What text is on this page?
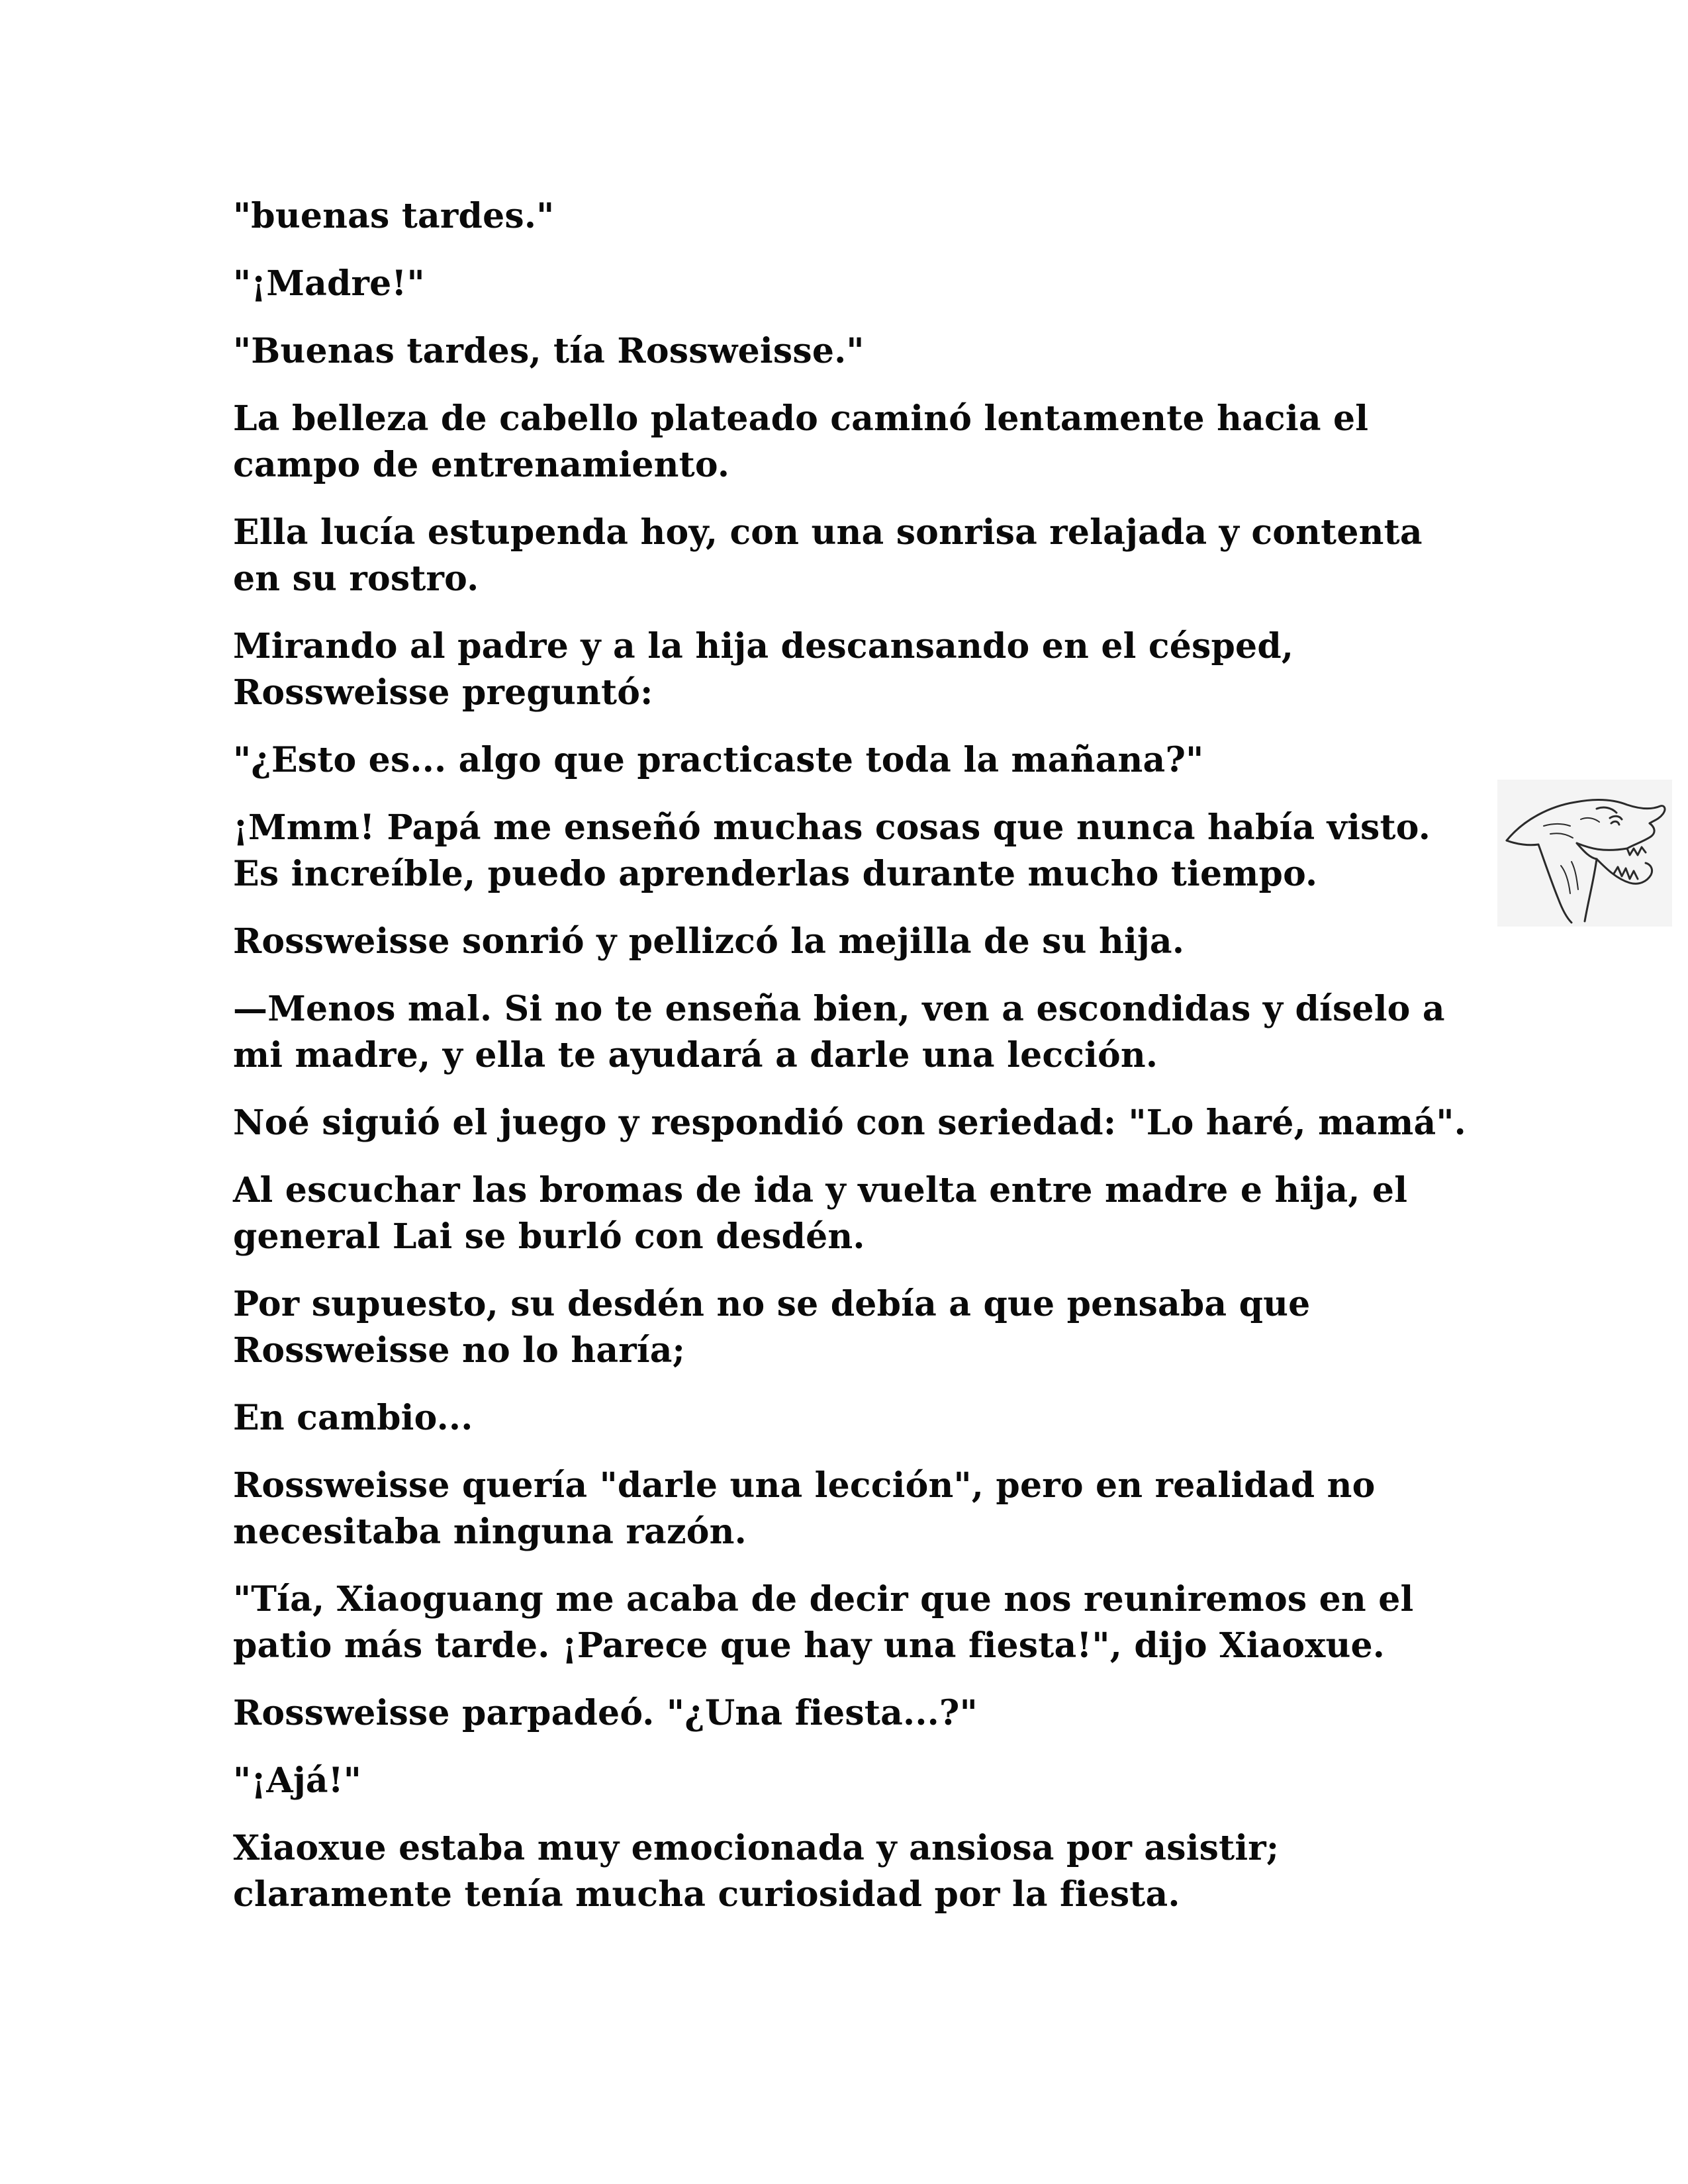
"buenas tardes."

"¡Madre!"

"Buenas tardes, tía Rossweisse."

La belleza de cabello plateado caminó lentamente hacia el
campo de entrenamiento.

Ella lucía estupenda hoy, con una sonrisa relajada y contenta
en su rostro.

Mirando al padre y a la hija descansando en el césped,
Rossweisse preguntó:

"¿Esto es... algo que practicaste toda la mañana?"

¡Mmm! Papá me enseñó muchas cosas que nunca había visto.
Es increíble, puedo aprenderlas durante mucho tiempo.

Rossweisse sonrió y pellizcó la mejilla de su hija.

—Menos mal. Si no te enseña bien, ven a escondidas y díselo a
mi madre, y ella te ayudará a darle una lección.

Noé siguió el juego y respondió con seriedad: "Lo haré, mamá".

Al escuchar las bromas de ida y vuelta entre madre e hija, el
general Lai se burló con desdén.

Por supuesto, su desdén no se debía a que pensaba que
Rossweisse no lo haría;

En cambio...

Rossweisse quería "darle una lección", pero en realidad no
necesitaba ninguna razón.

"Tía, Xiaoguang me acaba de decir que nos reuniremos en el
patio más tarde. ¡Parece que hay una fiesta!", dijo Xiaoxue.

Rossweisse parpadeó. "¿Una fiesta...?"

"¡Ajá!"

Xiaoxue estaba muy emocionada y ansiosa por asistir;
claramente tenía mucha curiosidad por la fiesta.
